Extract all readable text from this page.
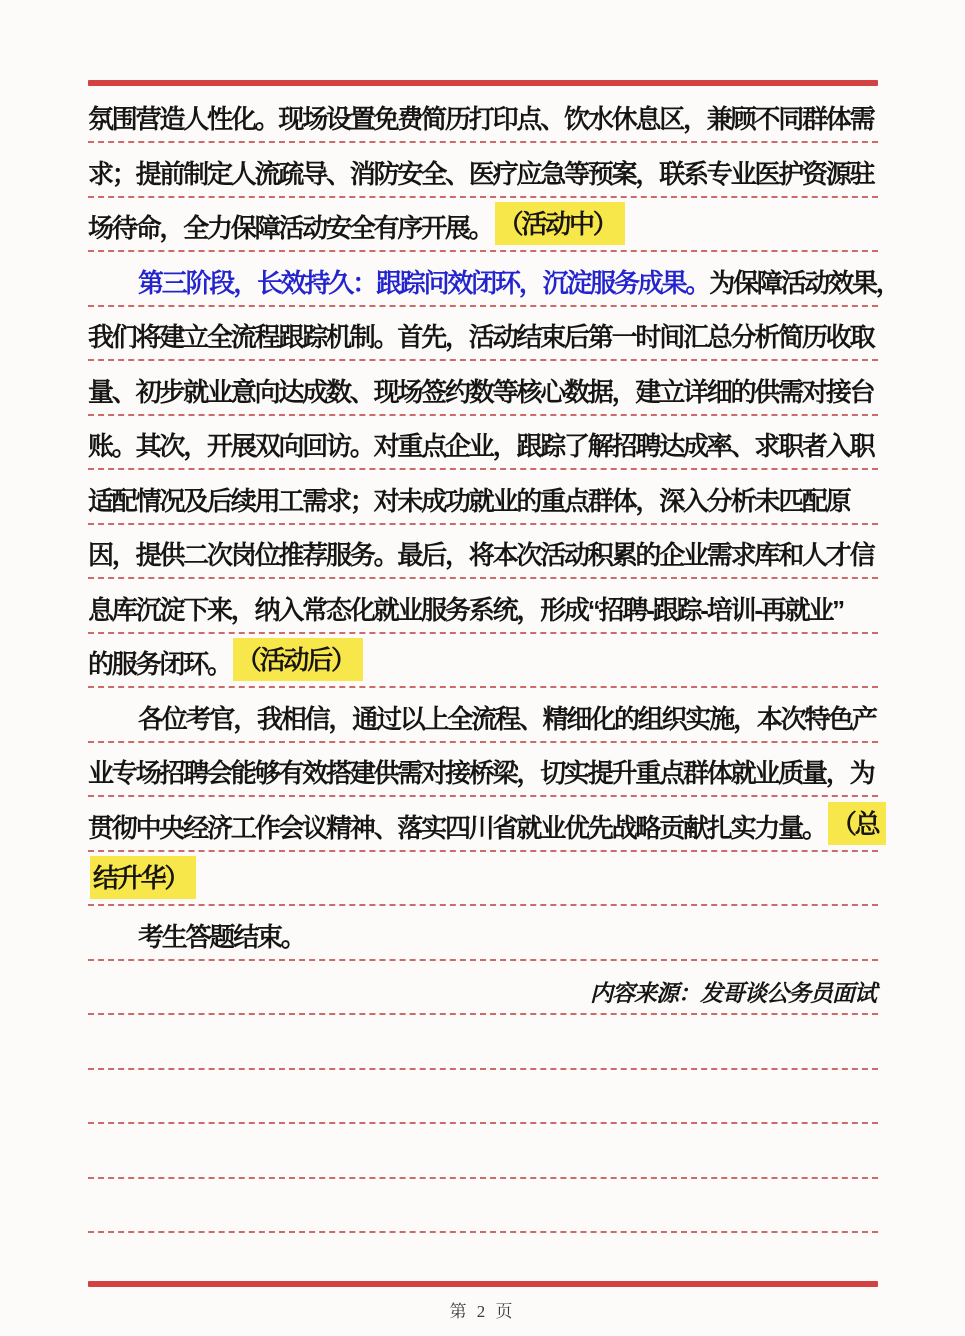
氛围营造人性化。现场设置免费简历打印点、饮水休息区，兼顾不同群体需
求；提前制定人流疏导、消防安全、医疗应急等预案，联系专业医护资源驻
场待命，全力保障活动安全有序开展。 （活动中）
第三阶段，长效持久：跟踪问效闭环，沉淀服务成果。 为保障活动效果，
我们将建立全流程跟踪机制。首先，活动结束后第一时间汇总分析简历收取
量、初步就业意向达成数、现场签约数等核心数据，建立详细的供需对接台
账。其次，开展双向回访。对重点企业，跟踪了解招聘达成率、求职者入职
适配情况及后续用工需求；对未成功就业的重点群体，深入分析未匹配原
因，提供二次岗位推荐服务。最后，将本次活动积累的企业需求库和人才信
息库沉淀下来，纳入常态化就业服务系统，形成“招聘-跟踪-培训-再就业”
的服务闭环。 （活动后）
各位考官，我相信，通过以上全流程、精细化的组织实施，本次特色产
业专场招聘会能够有效搭建供需对接桥梁，切实提升重点群体就业质量，为
贯彻中央经济工作会议精神、落实四川省就业优先战略贡献扎实力量。 （总
结升华）
考生答题结束。
内容来源：发哥谈公务员面试
第 2 页
